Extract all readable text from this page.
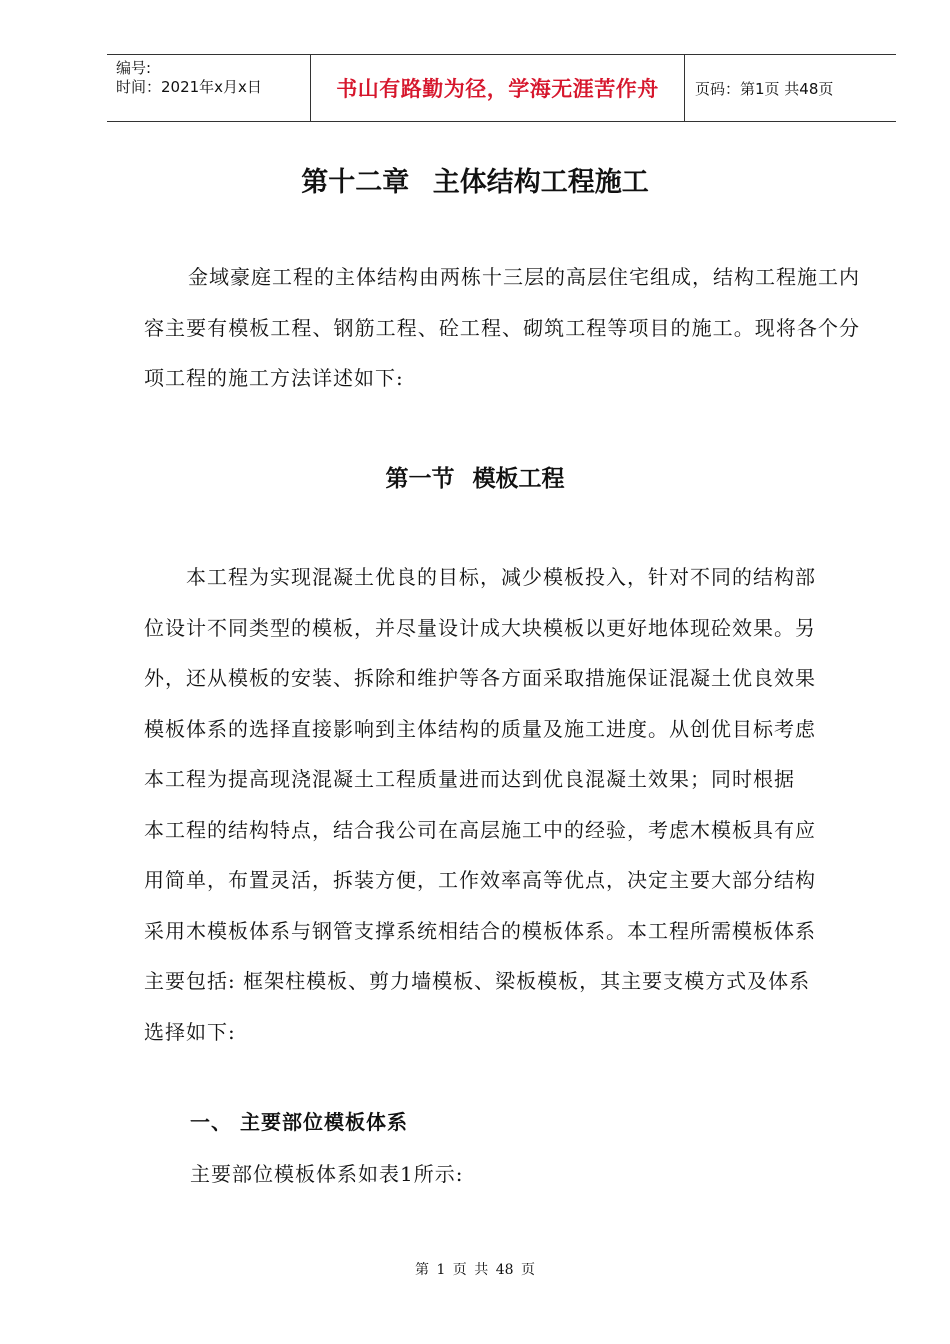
编号:
时间：2021年x月x日	书山有路勤为径，学海无涯苦作舟	页码：第1页 共48页
第十二章 主体结构工程施工
金域豪庭工程的主体结构由两栋十三层的高层住宅组成，结构工程施工内容主要有模板工程、钢筋工程、砼工程、砌筑工程等项目的施工。现将各个分项工程的施工方法详述如下:
第一节 模板工程
　　本工程为实现混凝土优良的目标，减少模板投入，针对不同的结构部
位设计不同类型的模板，并尽量设计成大块模板以更好地体现砼效果。另
外，还从模板的安装、拆除和维护等各方面采取措施保证混凝土优良效果
模板体系的选择直接影响到主体结构的质量及施工进度。从创优目标考虑
本工程为提高现浇混凝土工程质量进而达到优良混凝土效果；同时根据
本工程的结构特点，结合我公司在高层施工中的经验，考虑木模板具有应
用简单，布置灵活，拆装方便，工作效率高等优点，决定主要大部分结构
采用木模板体系与钢管支撑系统相结合的模板体系。本工程所需模板体系
主要包括: 框架柱模板、剪力墙模板、梁板模板，其主要支模方式及体系
选择如下:
一、 主要部位模板体系
主要部位模板体系如表1所示:
第 1 页 共 48 页
